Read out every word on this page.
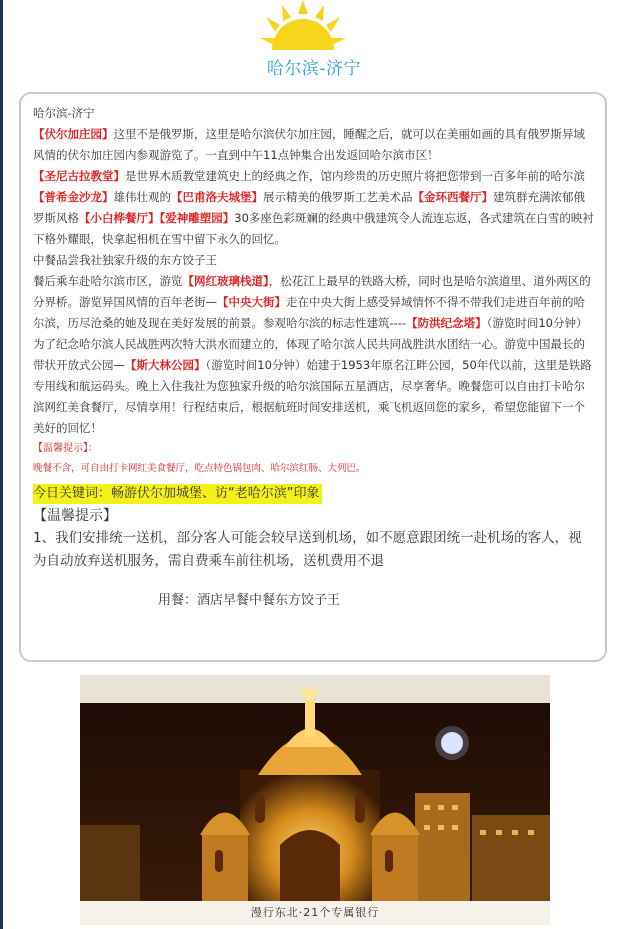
哈尔滨-济宁
哈尔滨-济宁
【伏尔加庄园】这里不是俄罗斯，这里是哈尔滨伏尔加庄园，睡醒之后，就可以在美丽如画的具有俄罗斯异域风情的伏尔加庄园内参观游览了。一直到中午11点钟集合出发返回哈尔滨市区！
【圣尼古拉教堂】是世界木质教堂建筑史上的经典之作，馆内珍贵的历史照片将把您带到一百多年前的哈尔滨
【普希金沙龙】雄伟壮观的【巴甫洛夫城堡】展示精美的俄罗斯工艺美术品【金环西餐厅】建筑群充满浓郁俄罗斯风格【小白桦餐厅】【爱神雕塑园】30多座色彩斑斓的经典中俄建筑令人流连忘返，各式建筑在白雪的映衬下格外耀眼，快拿起相机在雪中留下永久的回忆。
中餐品尝我社独家升级的东方饺子王
餐后乘车赴哈尔滨市区，游览【网红玻璃栈道】，松花江上最早的铁路大桥，同时也是哈尔滨道里、道外两区的分界桥。游览异国风情的百年老街—【中央大街】走在中央大街上感受异域情怀不得不带我们走进百年前的哈尔滨，历尽沧桑的她及现在美好发展的前景。参观哈尔滨的标志性建筑----【防洪纪念塔】（游览时间10分钟）为了纪念哈尔滨人民战胜两次特大洪水而建立的，体现了哈尔滨人民共同战胜洪水团结一心。游览中国最长的带状开放式公园—【斯大林公园】（游览时间10分钟）始建于1953年原名江畔公园，50年代以前，这里是铁路专用线和航运码头。晚上入住我社为您独家升级的哈尔滨国际五星酒店，尽享奢华。晚餐您可以自由打卡哈尔滨网红美食餐厅，尽情享用！行程结束后，根据航班时间安排送机，乘飞机返回您的家乡，希望您能留下一个美好的回忆！
【温馨提示】：
晚餐不含，可自由打卡网红美食餐厅，吃点特色锅包肉、哈尔滨红肠、大列巴。
今日关键词：畅游伏尔加城堡、访“老哈尔滨”印象
【温馨提示】
1、我们安排统一送机，部分客人可能会较早送到机场，如不愿意跟团统一赴机场的客人，视为自动放弃送机服务，需自费乘车前往机场，送机费用不退
用餐：酒店早餐中餐东方饺子王
漫行东北·21个专属银行
